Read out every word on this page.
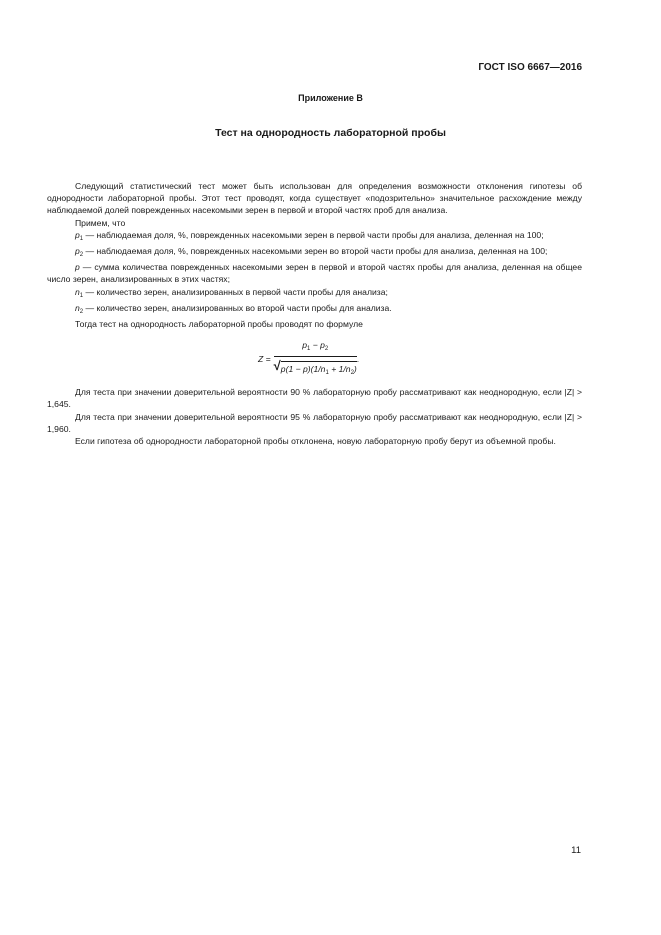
ГОСТ ISO 6667—2016
Приложение В
Тест на однородность лабораторной пробы

Следующий статистический тест может быть использован для определения возможности отклонения гипотезы об однородности лабораторной пробы. Этот тест проводят, когда существует «подозрительно» значительное расхождение между наблюдаемой долей поврежденных насекомыми зерен в первой и второй частях проб для анализа.

Примем, что

$p_1$ — наблюдаемая доля, %, поврежденных насекомыми зерен в первой части пробы для анализа, деленная на 100;

$p_2$ — наблюдаемая доля, %, поврежденных насекомыми зерен во второй части пробы для анализа, деленная на 100;

p — сумма количества поврежденных насекомыми зерен в первой и второй частях пробы для анализа, деленная на общее число зерен, анализированных в этих частях;

$n_1$ — количество зерен, анализированных в первой части пробы для анализа;

$n_2$ — количество зерен, анализированных во второй части пробы для анализа.

Тогда тест на однородность лабораторной пробы проводят по формуле

$Z = \frac{p_1 - p_2}{√ p(1 - p)(1/n_1 + 1/n_2)}$ .

Для теста при значении доверительной вероятности 90 % лабораторную пробу рассматривают как неоднородную, если |Z| > 1,645.

Для теста при значении доверительной вероятности 95 % лабораторную пробу рассматривают как неоднородную, если |Z| > 1,960.

Если гипотеза об однородности лабораторной пробы отклонена, новую лабораторную пробу берут из объемной пробы.

11
